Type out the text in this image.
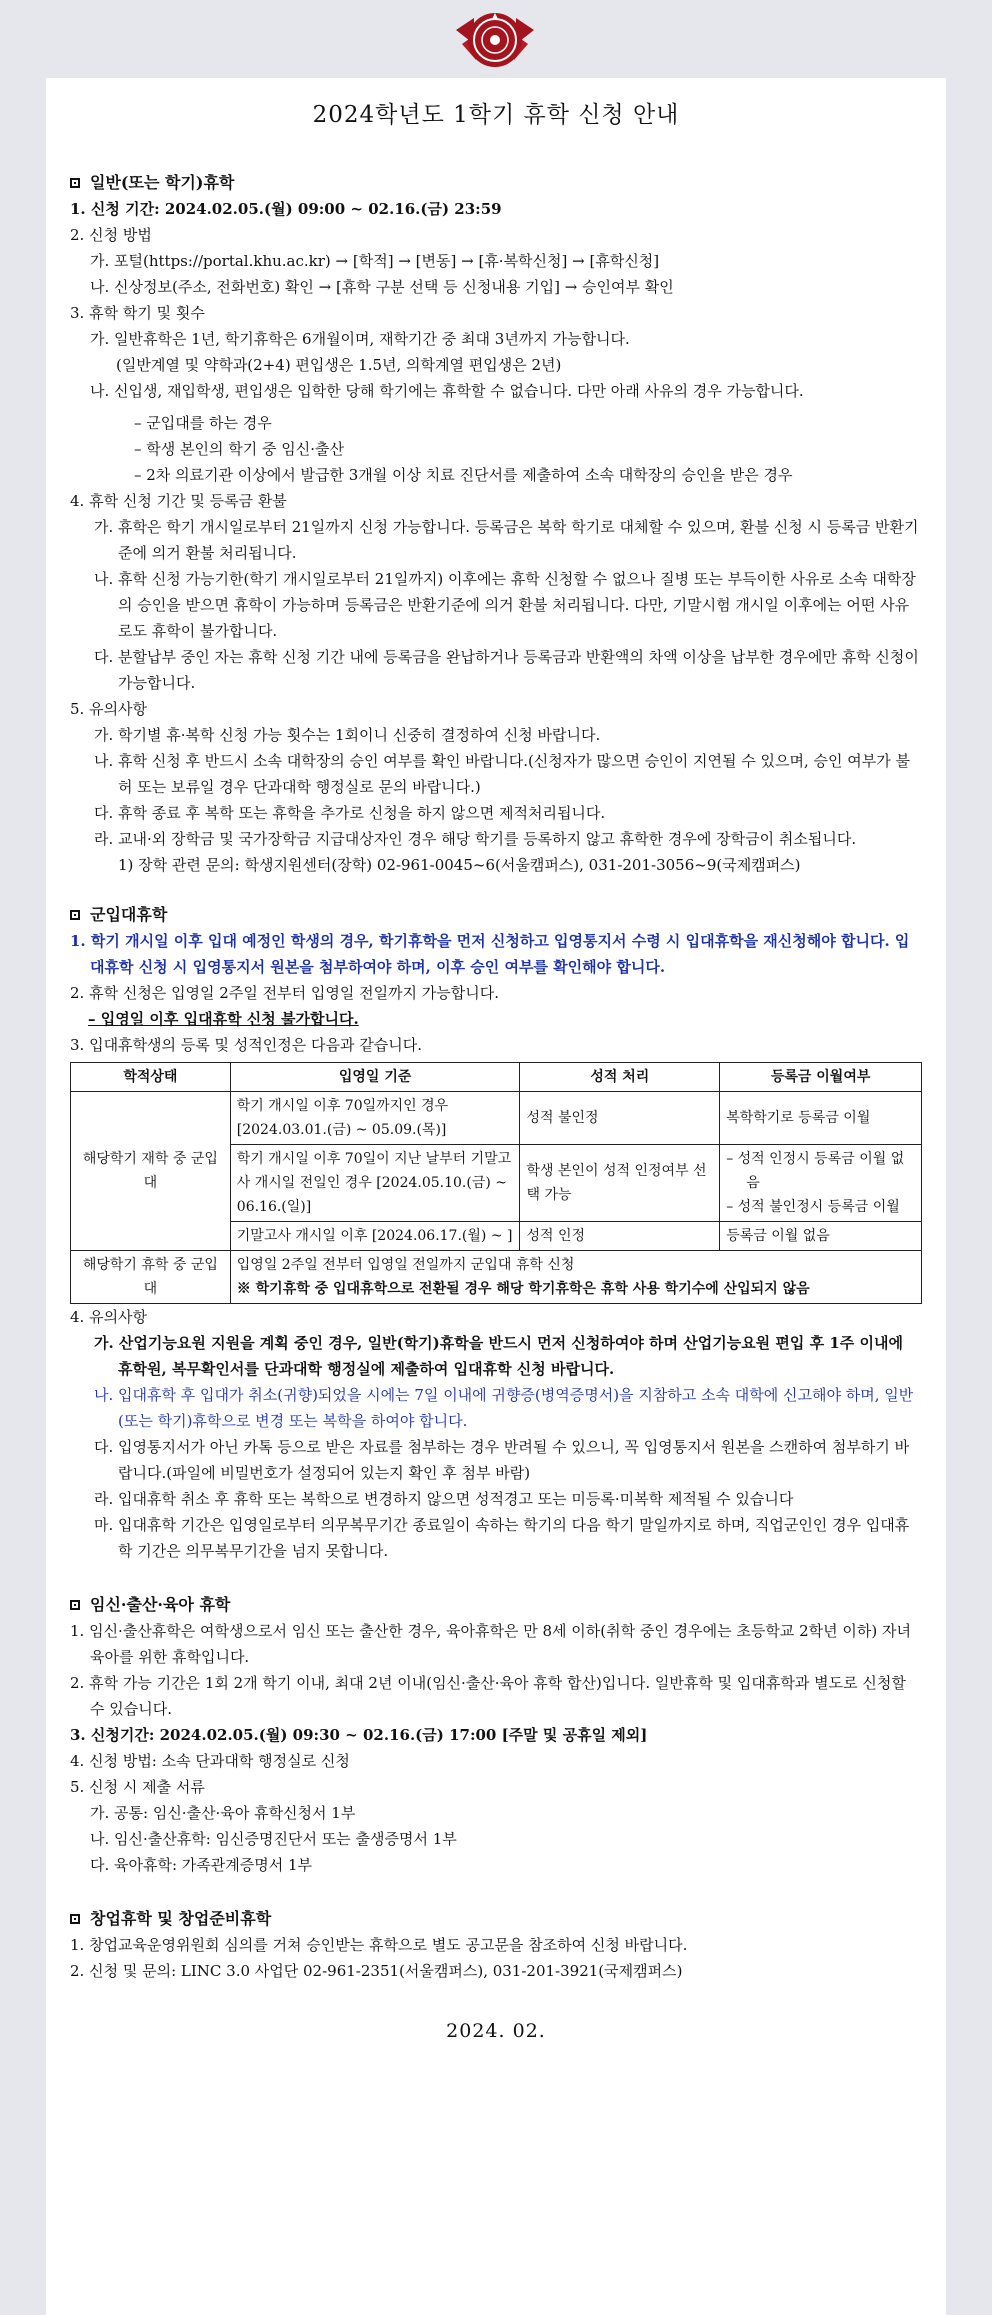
2024학년도 1학기 휴학 신청 안내
일반(또는 학기)휴학
1. 신청 기간: 2024.02.05.(월) 09:00 ~ 02.16.(금) 23:59
2. 신청 방법
가. 포털(https://portal.khu.ac.kr) → [학적] → [변동] → [휴·복학신청] → [휴학신청]
나. 신상정보(주소, 전화번호) 확인 → [휴학 구분 선택 등 신청내용 기입] → 승인여부 확인
3. 휴학 학기 및 횟수
가. 일반휴학은 1년, 학기휴학은 6개월이며, 재학기간 중 최대 3년까지 가능합니다.
(일반계열 및 약학과(2+4) 편입생은 1.5년, 의학계열 편입생은 2년)
나. 신입생, 재입학생, 편입생은 입학한 당해 학기에는 휴학할 수 없습니다. 다만 아래 사유의 경우 가능합니다.
– 군입대를 하는 경우
– 학생 본인의 학기 중 임신·출산
– 2차 의료기관 이상에서 발급한 3개월 이상 치료 진단서를 제출하여 소속 대학장의 승인을 받은 경우
4. 휴학 신청 기간 및 등록금 환불
가. 휴학은 학기 개시일로부터 21일까지 신청 가능합니다. 등록금은 복학 학기로 대체할 수 있으며, 환불 신청 시 등록금 반환기준에 의거 환불 처리됩니다.
나. 휴학 신청 가능기한(학기 개시일로부터 21일까지) 이후에는 휴학 신청할 수 없으나 질병 또는 부득이한 사유로 소속 대학장의 승인을 받으면 휴학이 가능하며 등록금은 반환기준에 의거 환불 처리됩니다. 다만, 기말시험 개시일 이후에는 어떤 사유로도 휴학이 불가합니다.
다. 분할납부 중인 자는 휴학 신청 기간 내에 등록금을 완납하거나 등록금과 반환액의 차액 이상을 납부한 경우에만 휴학 신청이 가능합니다.
5. 유의사항
가. 학기별 휴·복학 신청 가능 횟수는 1회이니 신중히 결정하여 신청 바랍니다.
나. 휴학 신청 후 반드시 소속 대학장의 승인 여부를 확인 바랍니다.(신청자가 많으면 승인이 지연될 수 있으며, 승인 여부가 불허 또는 보류일 경우 단과대학 행정실로 문의 바랍니다.)
다. 휴학 종료 후 복학 또는 휴학을 추가로 신청을 하지 않으면 제적처리됩니다.
라. 교내·외 장학금 및 국가장학금 지급대상자인 경우 해당 학기를 등록하지 않고 휴학한 경우에 장학금이 취소됩니다.
1) 장학 관련 문의: 학생지원센터(장학) 02-961-0045~6(서울캠퍼스), 031-201-3056~9(국제캠퍼스)
군입대휴학
1. 학기 개시일 이후 입대 예정인 학생의 경우, 학기휴학을 먼저 신청하고 입영통지서 수령 시 입대휴학을 재신청해야 합니다. 입대휴학 신청 시 입영통지서 원본을 첨부하여야 하며, 이후 승인 여부를 확인해야 합니다.
2. 휴학 신청은 입영일 2주일 전부터 입영일 전일까지 가능합니다.
– 입영일 이후 입대휴학 신청 불가합니다.
3. 입대휴학생의 등록 및 성적인정은 다음과 같습니다.
학적상태	입영일 기준	성적 처리	등록금 이월여부
해당학기 재학 중 군입대	학기 개시일 이후 70일까지인 경우 [2024.03.01.(금) ~ 05.09.(목)]	성적 불인정	복학학기로 등록금 이월
	학기 개시일 이후 70일이 지난 날부터 기말고사 개시일 전일인 경우 [2024.05.10.(금) ~ 06.16.(일)]	학생 본인이 성적 인정여부 선택 가능	– 성적 인정시 등록금 이월 없음
– 성적 불인정시 등록금 이월

	기말고사 개시일 이후 [2024.06.17.(월) ~ ]	성적 인정	등록금 이월 없음
해당학기 휴학 중 군입대	입영일 2주일 전부터 입영일 전일까지 군입대 휴학 신청
※ 학기휴학 중 입대휴학으로 전환될 경우 해당 학기휴학은 휴학 사용 학기수에 산입되지 않음		
4. 유의사항
가. 산업기능요원 지원을 계획 중인 경우, 일반(학기)휴학을 반드시 먼저 신청하여야 하며 산업기능요원 편입 후 1주 이내에 휴학원, 복무확인서를 단과대학 행정실에 제출하여 입대휴학 신청 바랍니다.
나. 입대휴학 후 입대가 취소(귀향)되었을 시에는 7일 이내에 귀향증(병역증명서)을 지참하고 소속 대학에 신고해야 하며, 일반(또는 학기)휴학으로 변경 또는 복학을 하여야 합니다.
다. 입영통지서가 아닌 카톡 등으로 받은 자료를 첨부하는 경우 반려될 수 있으니, 꼭 입영통지서 원본을 스캔하여 첨부하기 바랍니다.(파일에 비밀번호가 설정되어 있는지 확인 후 첨부 바람)
라. 입대휴학 취소 후 휴학 또는 복학으로 변경하지 않으면 성적경고 또는 미등록·미복학 제적될 수 있습니다
마. 입대휴학 기간은 입영일로부터 의무복무기간 종료일이 속하는 학기의 다음 학기 말일까지로 하며, 직업군인인 경우 입대휴학 기간은 의무복무기간을 넘지 못합니다.
임신·출산·육아 휴학
1. 임신·출산휴학은 여학생으로서 임신 또는 출산한 경우, 육아휴학은 만 8세 이하(취학 중인 경우에는 초등학교 2학년 이하) 자녀 육아를 위한 휴학입니다.
2. 휴학 가능 기간은 1회 2개 학기 이내, 최대 2년 이내(임신·출산·육아 휴학 합산)입니다. 일반휴학 및 입대휴학과 별도로 신청할 수 있습니다.
3. 신청기간: 2024.02.05.(월) 09:30 ~ 02.16.(금) 17:00 [주말 및 공휴일 제외]
4. 신청 방법: 소속 단과대학 행정실로 신청
5. 신청 시 제출 서류
가. 공통: 임신·출산·육아 휴학신청서 1부
나. 임신·출산휴학: 임신증명진단서 또는 출생증명서 1부
다. 육아휴학: 가족관계증명서 1부
창업휴학 및 창업준비휴학
1. 창업교육운영위원회 심의를 거쳐 승인받는 휴학으로 별도 공고문을 참조하여 신청 바랍니다.
2. 신청 및 문의: LINC 3.0 사업단 02-961-2351(서울캠퍼스), 031-201-3921(국제캠퍼스)
2024. 02.
